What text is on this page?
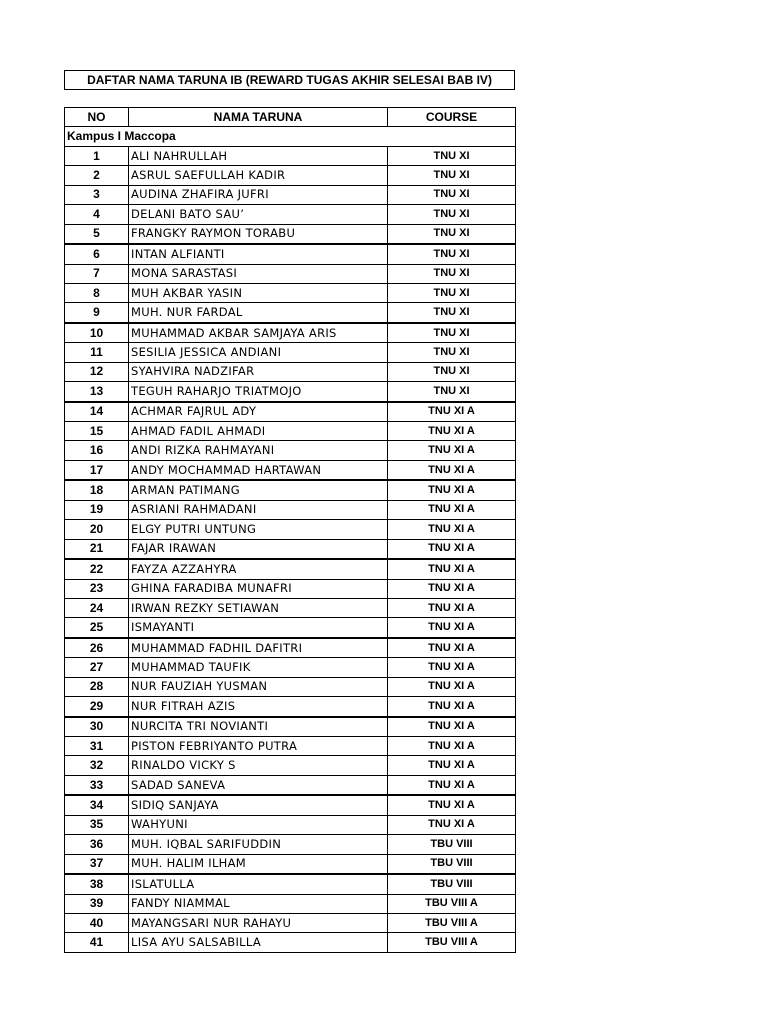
DAFTAR NAMA TARUNA IB (REWARD TUGAS AKHIR SELESAI BAB IV)
NO	NAMA TARUNA	COURSE
Kampus I Maccopa		
1	ALI NAHRULLAH	TNU XI
2	ASRUL SAEFULLAH KADIR	TNU XI
3	AUDINA ZHAFIRA JUFRI	TNU XI
4	DELANI BATO SAU’	TNU XI
5	FRANGKY RAYMON TORABU	TNU XI
6	INTAN ALFIANTI	TNU XI
7	MONA SARASTASI	TNU XI
8	MUH AKBAR YASIN	TNU XI
9	MUH. NUR FARDAL	TNU XI
10	MUHAMMAD AKBAR SAMJAYA ARIS	TNU XI
11	SESILIA JESSICA ANDIANI	TNU XI
12	SYAHVIRA NADZIFAR	TNU XI
13	TEGUH RAHARJO TRIATMOJO	TNU XI
14	ACHMAR FAJRUL ADY	TNU XI A
15	AHMAD FADIL AHMADI	TNU XI A
16	ANDI RIZKA RAHMAYANI	TNU XI A
17	ANDY MOCHAMMAD HARTAWAN	TNU XI A
18	ARMAN PATIMANG	TNU XI A
19	ASRIANI RAHMADANI	TNU XI A
20	ELGY PUTRI UNTUNG	TNU XI A
21	FAJAR IRAWAN	TNU XI A
22	FAYZA AZZAHYRA	TNU XI A
23	GHINA FARADIBA MUNAFRI	TNU XI A
24	IRWAN REZKY SETIAWAN	TNU XI A
25	ISMAYANTI	TNU XI A
26	MUHAMMAD FADHIL DAFITRI	TNU XI A
27	MUHAMMAD TAUFIK	TNU XI A
28	NUR FAUZIAH YUSMAN	TNU XI A
29	NUR FITRAH AZIS	TNU XI A
30	NURCITA TRI NOVIANTI	TNU XI A
31	PISTON FEBRIYANTO PUTRA	TNU XI A
32	RINALDO VICKY S	TNU XI A
33	SADAD SANEVA	TNU XI A
34	SIDIQ SANJAYA	TNU XI A
35	WAHYUNI	TNU XI A
36	MUH. IQBAL SARIFUDDIN	TBU VIII
37	MUH. HALIM ILHAM	TBU VIII
38	ISLATULLA	TBU VIII
39	FANDY NIAMMAL	TBU VIII A
40	MAYANGSARI NUR RAHAYU	TBU VIII A
41	LISA AYU SALSABILLA	TBU VIII A
